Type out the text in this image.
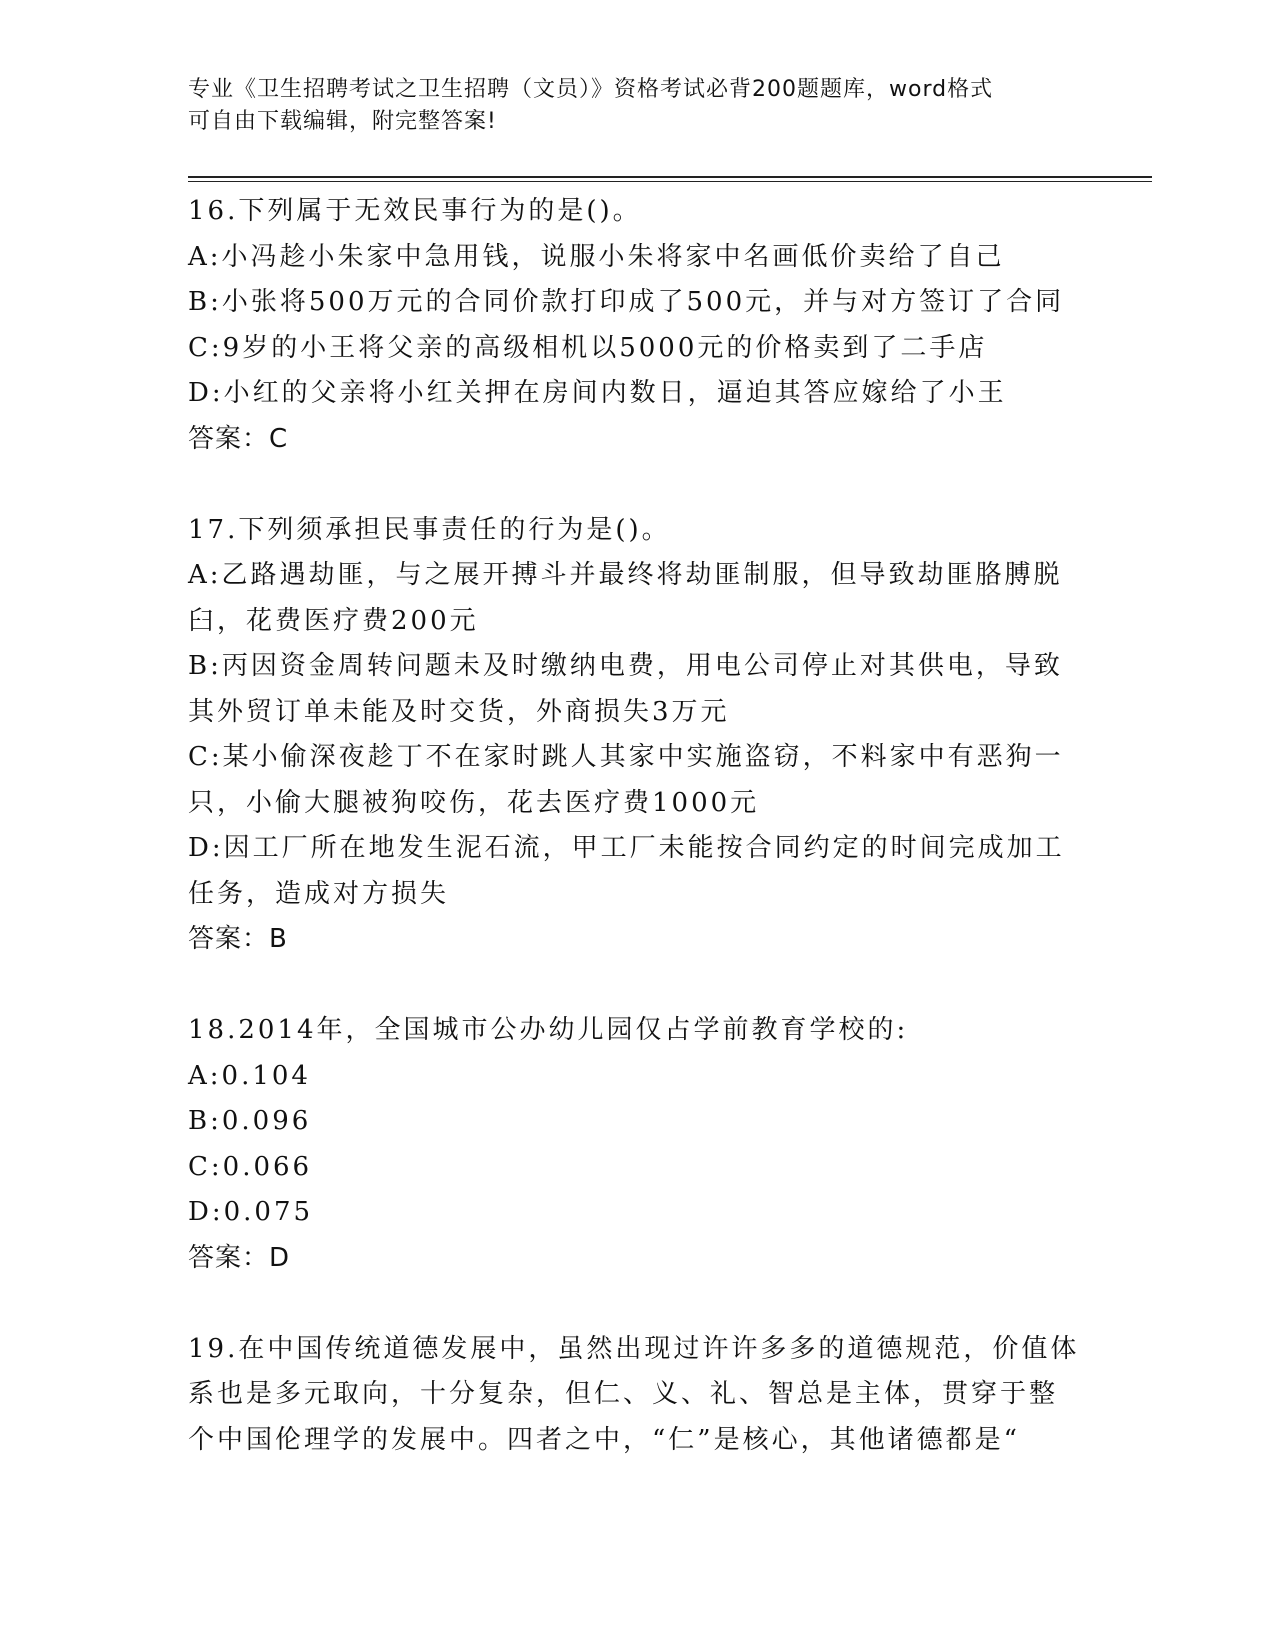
专业《卫生招聘考试之卫生招聘（文员）》资格考试必背200题题库，word格式
可自由下载编辑，附完整答案!
16.下列属于无效民事行为的是()。
A:小冯趁小朱家中急用钱，说服小朱将家中名画低价卖给了自己
B:小张将500万元的合同价款打印成了500元，并与对方签订了合同
C:9岁的小王将父亲的高级相机以5000元的价格卖到了二手店
D:小红的父亲将小红关押在房间内数日，逼迫其答应嫁给了小王
答案：C
17.下列须承担民事责任的行为是()。
A:乙路遇劫匪，与之展开搏斗并最终将劫匪制服，但导致劫匪胳膊脱
臼，花费医疗费200元
B:丙因资金周转问题未及时缴纳电费，用电公司停止对其供电，导致
其外贸订单未能及时交货，外商损失3万元
C:某小偷深夜趁丁不在家时跳人其家中实施盗窃，不料家中有恶狗一
只，小偷大腿被狗咬伤，花去医疗费1000元
D:因工厂所在地发生泥石流，甲工厂未能按合同约定的时间完成加工
任务，造成对方损失
答案：B
18.2014年，全国城市公办幼儿园仅占学前教育学校的:
A:0.104
B:0.096
C:0.066
D:0.075
答案：D
19.在中国传统道德发展中，虽然出现过许许多多的道德规范，价值体
系也是多元取向，十分复杂，但仁、义、礼、智总是主体，贯穿于整
个中国伦理学的发展中。四者之中，“仁”是核心，其他诸德都是“
